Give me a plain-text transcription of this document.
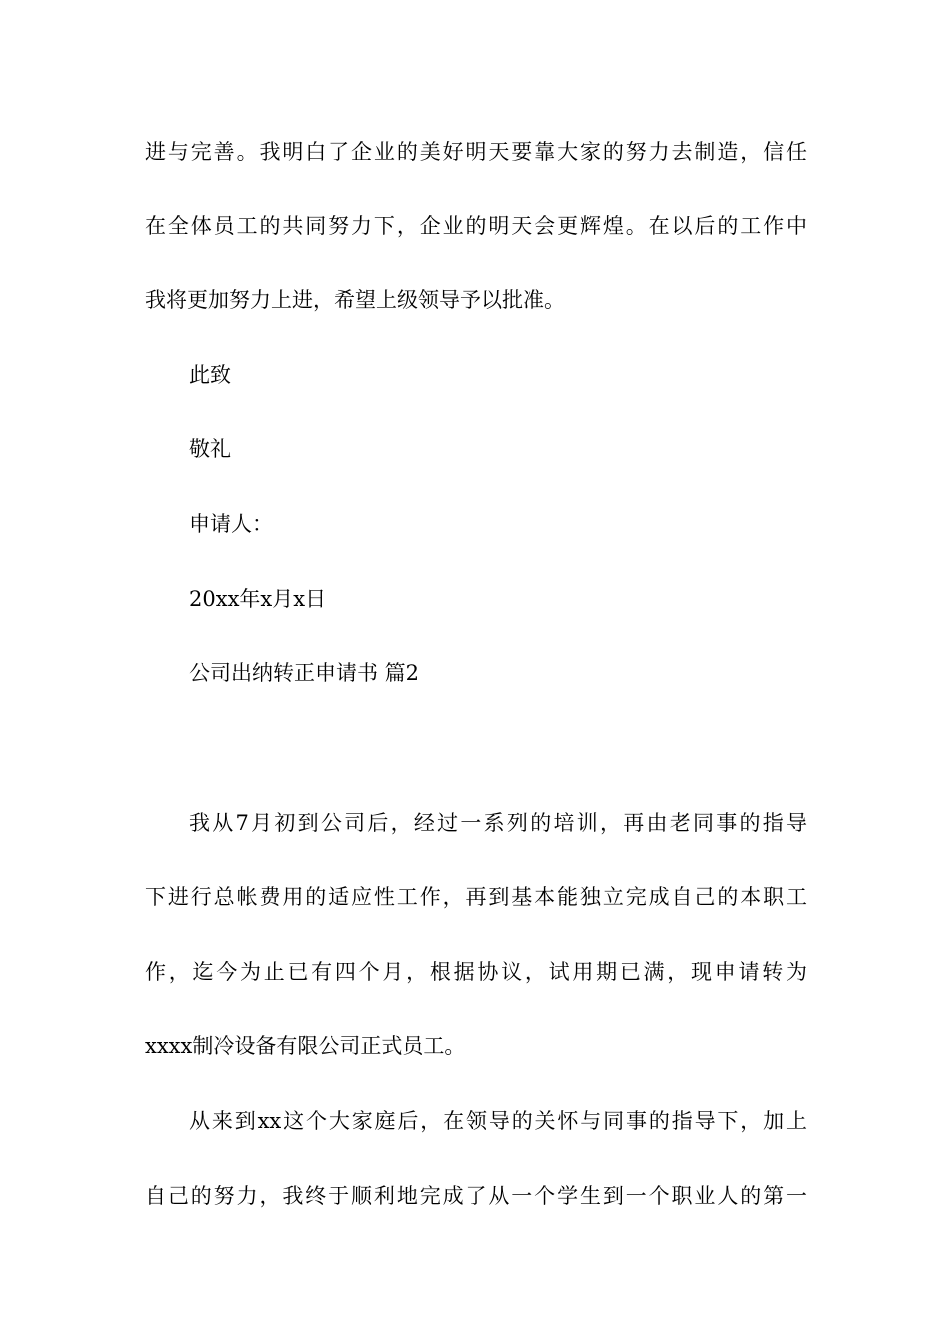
进与完善。我明白了企业的美好明天要靠大家的努力去制造，信任
在全体员工的共同努力下，企业的明天会更辉煌。在以后的工作中
我将更加努力上进，希望上级领导予以批准。
此致
敬礼
申请人：
20xx年x月x日
公司出纳转正申请书 篇2
我从7月初到公司后，经过一系列的培训，再由老同事的指导
下进行总帐费用的适应性工作，再到基本能独立完成自己的本职工
作，迄今为止已有四个月，根据协议，试用期已满，现申请转为
xxxx制冷设备有限公司正式员工。
从来到xx这个大家庭后，在领导的关怀与同事的指导下，加上
自己的努力，我终于顺利地完成了从一个学生到一个职业人的第一
